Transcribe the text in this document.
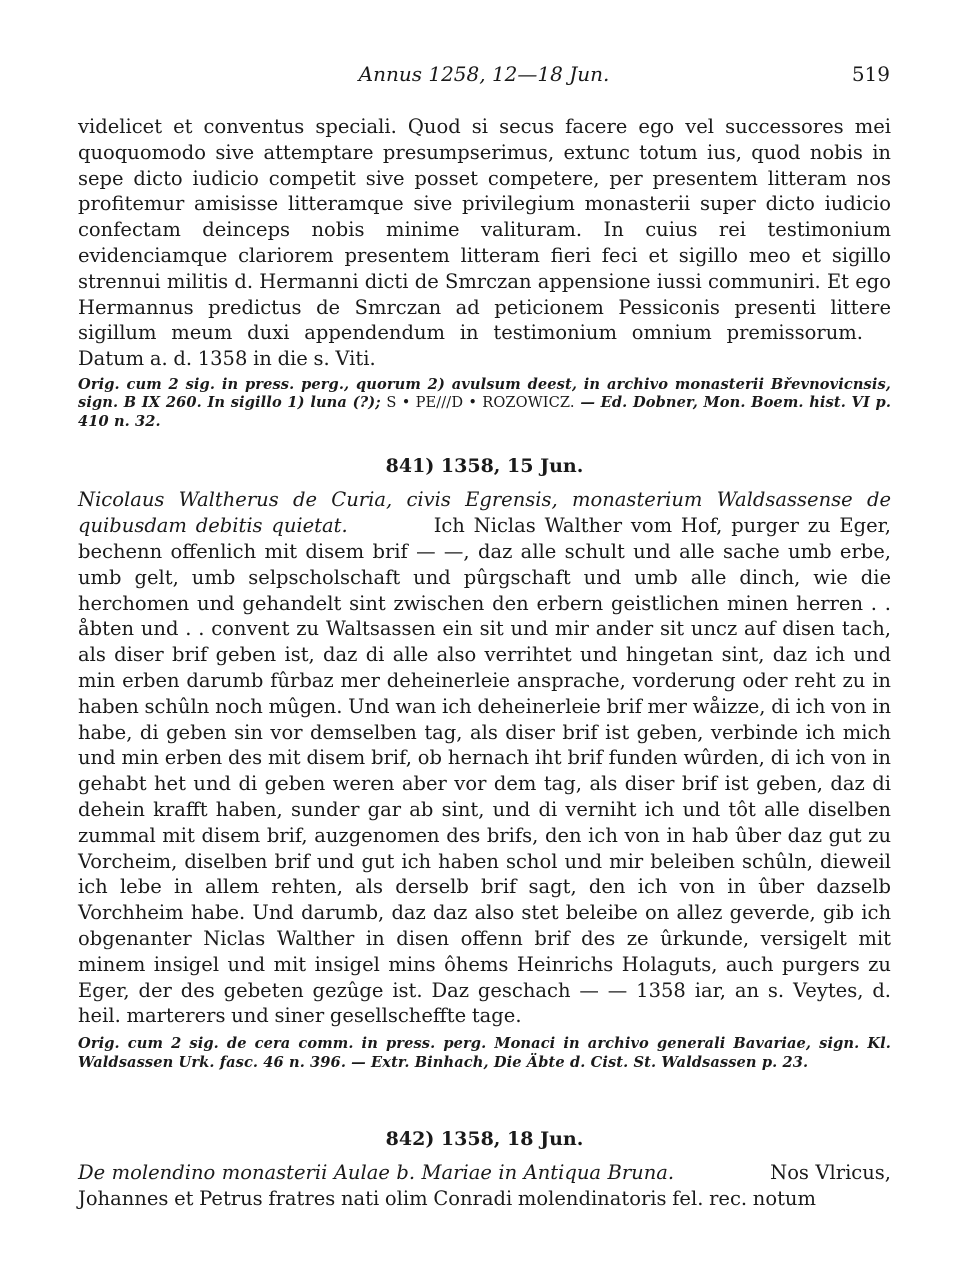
Annus 1258, 12—18 Jun.	519

videlicet et conventus speciali. Quod si secus facere ego vel successores mei quoquomodo sive attemptare presumpserimus, extunc totum ius, quod nobis in sepe dicto iudicio competit sive posset competere, per presentem litteram nos profitemur amisisse litteramque sive privilegium monasterii super dicto iudicio confectam deinceps nobis minime valituram. In cuius rei testimonium evidenciamque clariorem presentem litteram fieri feci et sigillo meo et sigillo strennui militis d. Hermanni dicti de Smrczan appensione iussi communiri. Et ego Hermannus predictus de Smrczan ad peticionem Pessiconis presenti littere sigillum meum duxi appendendum in testimonium omnium premissorum.Datum a. d. 1358 in die s. Viti.

Orig. cum 2 sig. in press. perg., quorum 2) avulsum deest, in archivo monasterii Břevnovicnsis, sign. B IX 260. In sigillo 1) luna (?); S • PE///D • ROZOWICZ. — Ed. Dobner, Mon. Boem. hist. VI p. 410 n. 32.

841) 1358, 15 Jun.

Nicolaus Waltherus de Curia, civis Egrensis, monasterium Waldsassense de quibusdam debitis quietat.	Ich Niclas Walther vom Hof, purger zu Eger, bechenn offenlich mit disem brif — —, daz alle schult und alle sache umb erbe, umb gelt, umb selpscholschaft und pûrgschaft und umb alle dinch, wie die herchomen und gehandelt sint zwischen den erbern geistlichen minen herren . . åbten und . . convent zu Waltsassen ein sit und mir ander sit uncz auf disen tach, als diser brif geben ist, daz di alle also verrihtet und hingetan sint, daz ich und min erben darumb fûrbaz mer deheinerleie ansprache, vorderung oder reht zu in haben schûln noch mûgen. Und wan ich deheinerleie brif mer wåizze, di ich von in habe, di geben sin vor demselben tag, als diser brif ist geben, verbinde ich mich und min erben des mit disem brif, ob hernach iht brif funden wûrden, di ich von in gehabt het und di geben weren aber vor dem tag, als diser brif ist geben, daz di dehein krafft haben, sunder gar ab sint, und di verniht ich und tôt alle diselben zummal mit disem brif, auzgenomen des brifs, den ich von in hab ûber daz gut zu Vorcheim, diselben brif und gut ich haben schol und mir beleiben schûln, dieweil ich lebe in allem rehten, als derselb brif sagt, den ich von in ûber dazselb Vorchheim habe. Und darumb, daz daz also stet beleibe on allez geverde, gib ich obgenanter Niclas Walther in disen offenn brif des ze ûrkunde, versigelt mit minem insigel und mit insigel mins ôhems Heinrichs Holaguts, auch purgers zu Eger, der des gebeten gezûge ist. Daz geschach — — 1358 iar, an s. Veytes, d. heil. marterers und siner gesellscheffte tage.

Orig. cum 2 sig. de cera comm. in press. perg. Monaci in archivo generali Bavariae, sign. Kl. Waldsassen Urk. fasc. 46 n. 396. — Extr. Binhach, Die Äbte d. Cist. St. Waldsassen p. 23.

842) 1358, 18 Jun.

De molendino monasterii Aulae b. Mariae in Antiqua Bruna.	Nos Vlricus, Johannes et Petrus fratres nati olim Conradi molendinatoris fel. rec. notum
